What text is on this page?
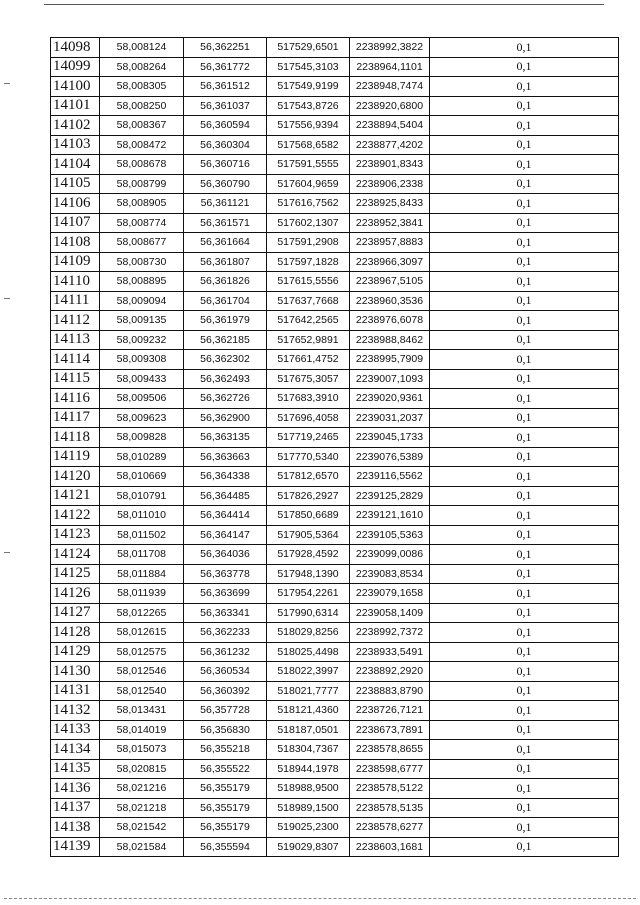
14098	58,008124	56,362251	517529,6501	2238992,3822	0,1
14099	58,008264	56,361772	517545,3103	2238964,1101	0,1
14100	58,008305	56,361512	517549,9199	2238948,7474	0,1
14101	58,008250	56,361037	517543,8726	2238920,6800	0,1
14102	58,008367	56,360594	517556,9394	2238894,5404	0,1
14103	58,008472	56,360304	517568,6582	2238877,4202	0,1
14104	58,008678	56,360716	517591,5555	2238901,8343	0,1
14105	58,008799	56,360790	517604,9659	2238906,2338	0,1
14106	58,008905	56,361121	517616,7562	2238925,8433	0,1
14107	58,008774	56,361571	517602,1307	2238952,3841	0,1
14108	58,008677	56,361664	517591,2908	2238957,8883	0,1
14109	58,008730	56,361807	517597,1828	2238966,3097	0,1
14110	58,008895	56,361826	517615,5556	2238967,5105	0,1
14111	58,009094	56,361704	517637,7668	2238960,3536	0,1
14112	58,009135	56,361979	517642,2565	2238976,6078	0,1
14113	58,009232	56,362185	517652,9891	2238988,8462	0,1
14114	58,009308	56,362302	517661,4752	2238995,7909	0,1
14115	58,009433	56,362493	517675,3057	2239007,1093	0,1
14116	58,009506	56,362726	517683,3910	2239020,9361	0,1
14117	58,009623	56,362900	517696,4058	2239031,2037	0,1
14118	58,009828	56,363135	517719,2465	2239045,1733	0,1
14119	58,010289	56,363663	517770,5340	2239076,5389	0,1
14120	58,010669	56,364338	517812,6570	2239116,5562	0,1
14121	58,010791	56,364485	517826,2927	2239125,2829	0,1
14122	58,011010	56,364414	517850,6689	2239121,1610	0,1
14123	58,011502	56,364147	517905,5364	2239105,5363	0,1
14124	58,011708	56,364036	517928,4592	2239099,0086	0,1
14125	58,011884	56,363778	517948,1390	2239083,8534	0,1
14126	58,011939	56,363699	517954,2261	2239079,1658	0,1
14127	58,012265	56,363341	517990,6314	2239058,1409	0,1
14128	58,012615	56,362233	518029,8256	2238992,7372	0,1
14129	58,012575	56,361232	518025,4498	2238933,5491	0,1
14130	58,012546	56,360534	518022,3997	2238892,2920	0,1
14131	58,012540	56,360392	518021,7777	2238883,8790	0,1
14132	58,013431	56,357728	518121,4360	2238726,7121	0,1
14133	58,014019	56,356830	518187,0501	2238673,7891	0,1
14134	58,015073	56,355218	518304,7367	2238578,8655	0,1
14135	58,020815	56,355522	518944,1978	2238598,6777	0,1
14136	58,021216	56,355179	518988,9500	2238578,5122	0,1
14137	58,021218	56,355179	518989,1500	2238578,5135	0,1
14138	58,021542	56,355179	519025,2300	2238578,6277	0,1
14139	58,021584	56,355594	519029,8307	2238603,1681	0,1
